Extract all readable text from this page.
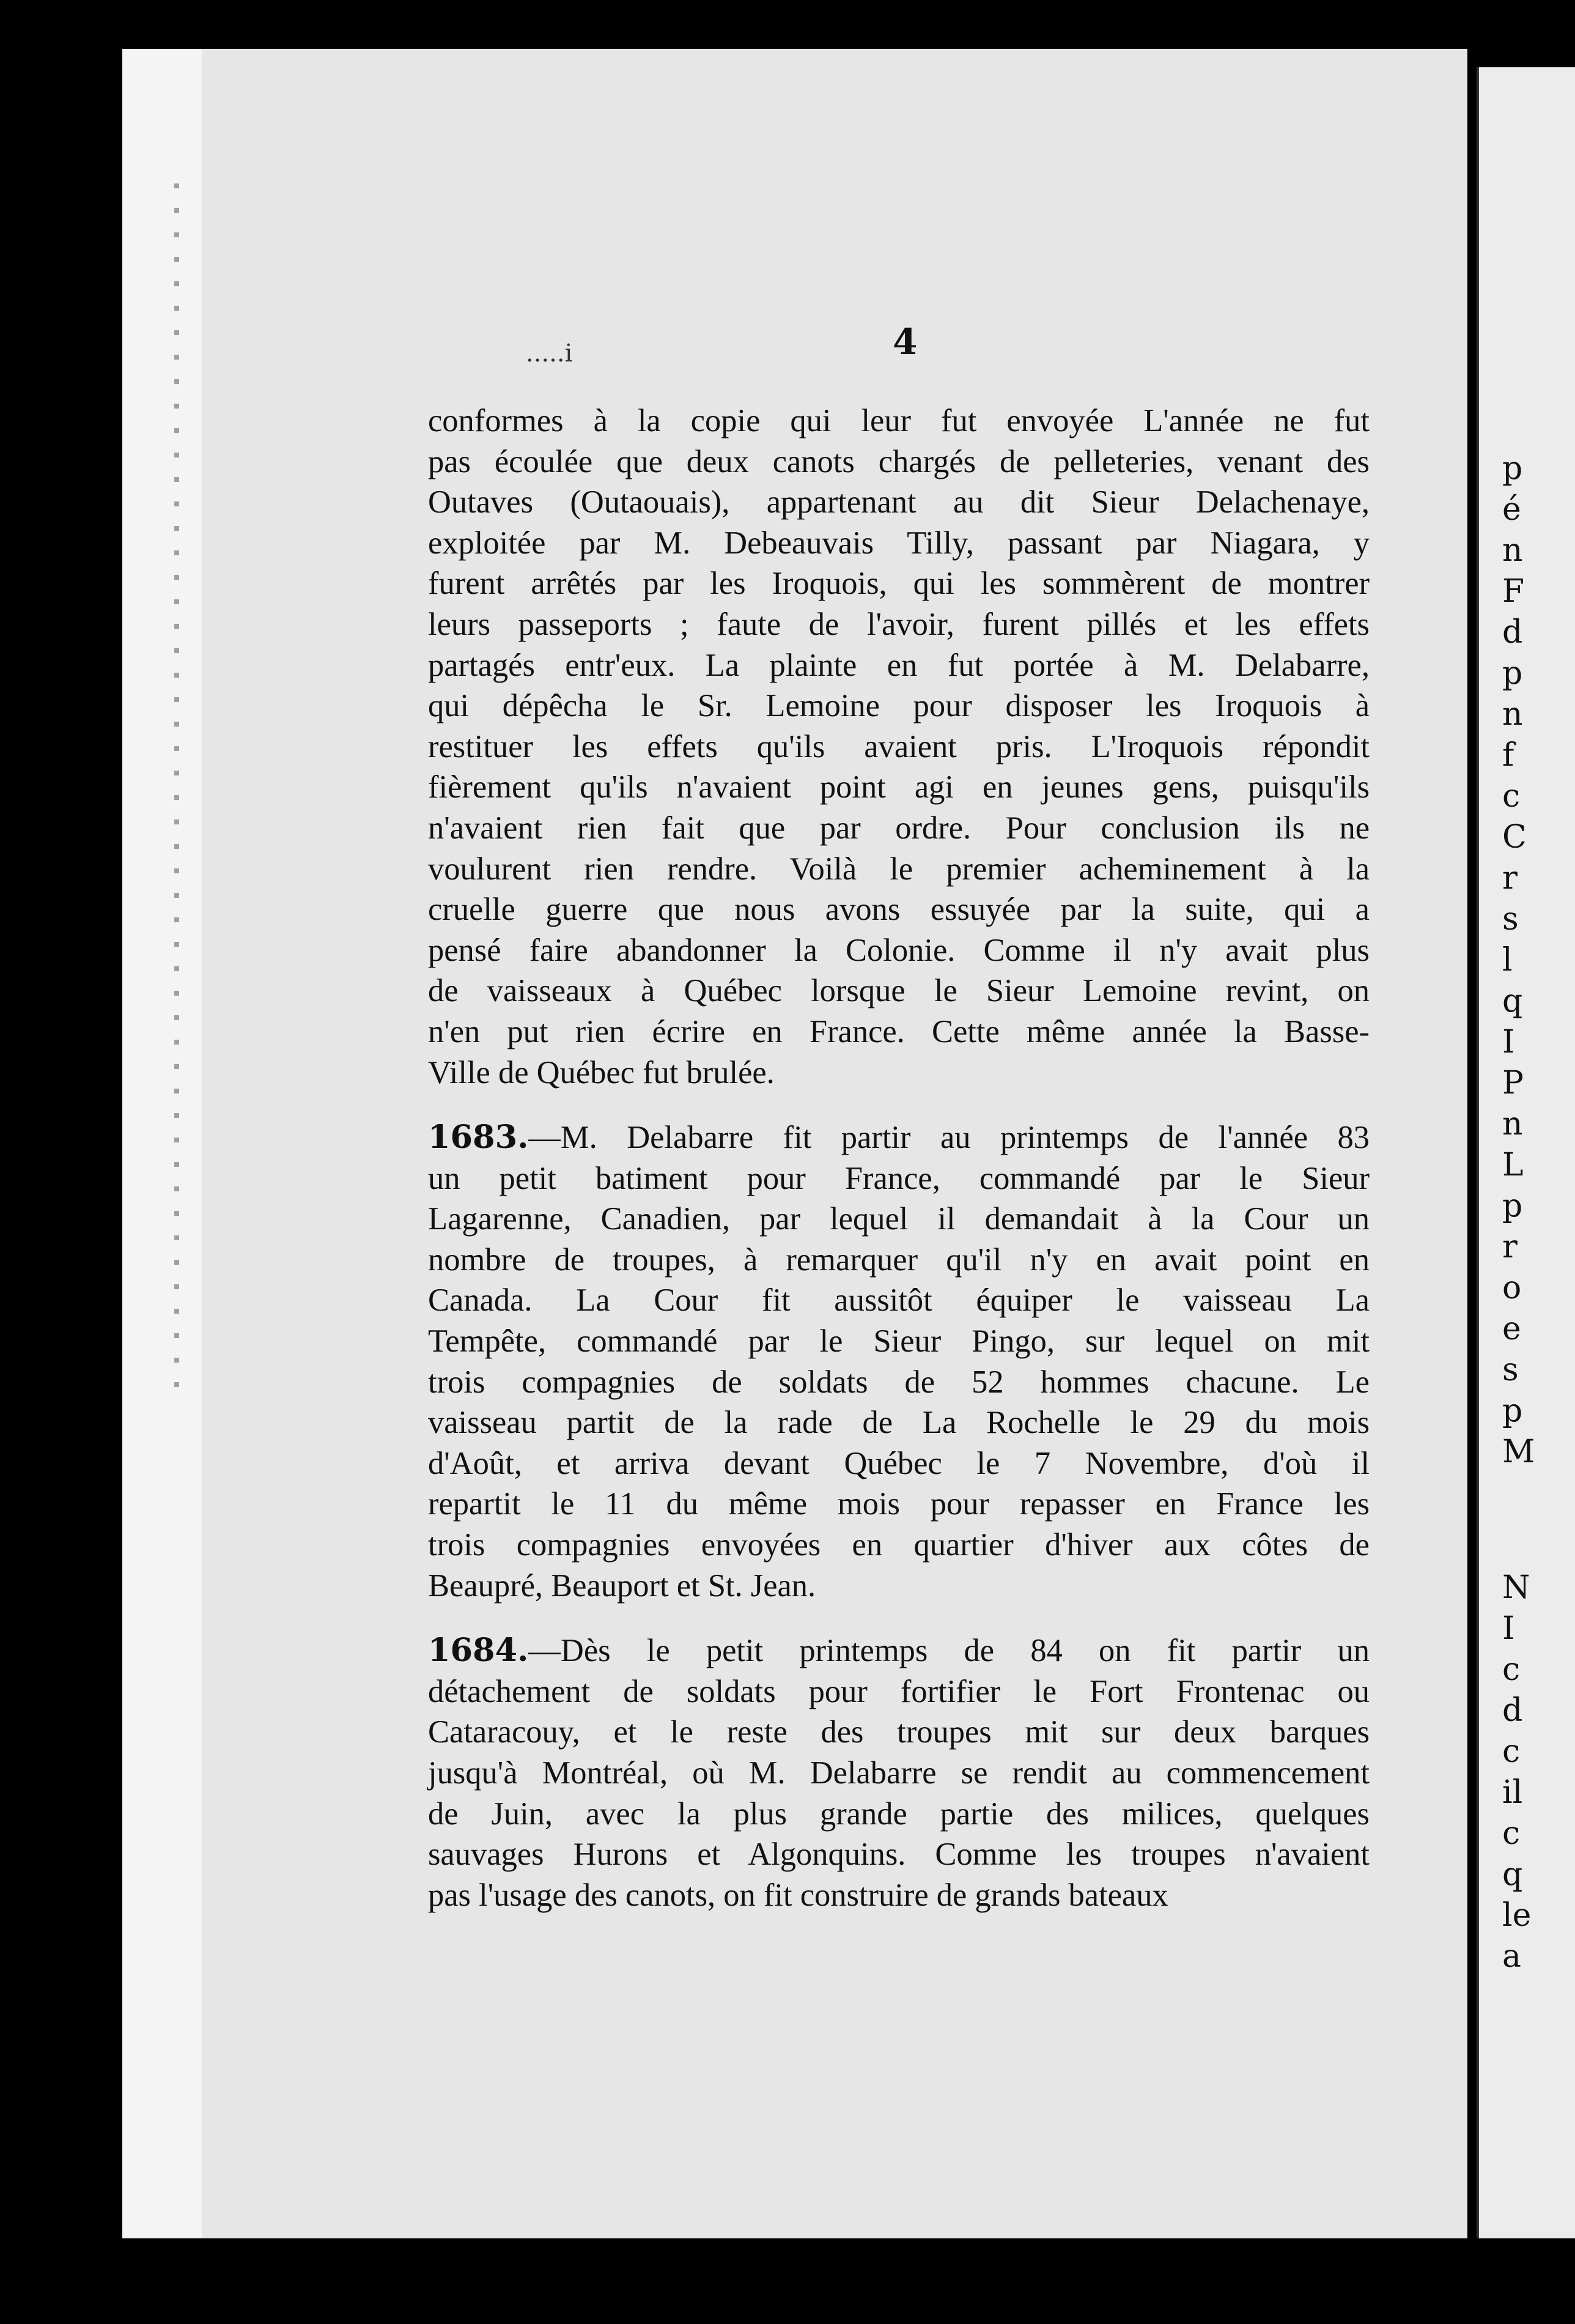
.....i	4
conformes à la copie qui leur fut envoyée L'année ne fut
pas écoulée que deux canots chargés de pelleteries, venant des
Outaves (Outaouais), appartenant au dit Sieur Delachenaye,
exploitée par M. Debeauvais Tilly, passant par Niagara, y
furent arrêtés par les Iroquois, qui les sommèrent de montrer
leurs passeports ; faute de l'avoir, furent pillés et les effets
partagés entr'eux. La plainte en fut portée à M. Delabarre,
qui dépêcha le Sr. Lemoine pour disposer les Iroquois à
restituer les effets qu'ils avaient pris. L'Iroquois répondit
fièrement qu'ils n'avaient point agi en jeunes gens, puisqu'ils
n'avaient rien fait que par ordre. Pour conclusion ils ne
voulurent rien rendre. Voilà le premier acheminement à la
cruelle guerre que nous avons essuyée par la suite, qui a
pensé faire abandonner la Colonie. Comme il n'y avait plus
de vaisseaux à Québec lorsque le Sieur Lemoine revint, on
n'en put rien écrire en France. Cette même année la Basse-
Ville de Québec fut brulée.
1683.—M. Delabarre fit partir au printemps de l'année 83
un petit batiment pour France, commandé par le Sieur
Lagarenne, Canadien, par lequel il demandait à la Cour un
nombre de troupes, à remarquer qu'il n'y en avait point en
Canada. La Cour fit aussitôt équiper le vaisseau La
Tempête, commandé par le Sieur Pingo, sur lequel on mit
trois compagnies de soldats de 52 hommes chacune. Le
vaisseau partit de la rade de La Rochelle le 29 du mois
d'Août, et arriva devant Québec le 7 Novembre, d'où il
repartit le 11 du même mois pour repasser en France les
trois compagnies envoyées en quartier d'hiver aux côtes de
Beaupré, Beauport et St. Jean.
1684.—Dès le petit printemps de 84 on fit partir un
détachement de soldats pour fortifier le Fort Frontenac ou
Cataracouy, et le reste des troupes mit sur deux barques
jusqu'à Montréal, où M. Delabarre se rendit au commencement
de Juin, avec la plus grande partie des milices, quelques
sauvages Hurons et Algonquins. Comme les troupes n'avaient
pas l'usage des canots, on fit construire de grands bateaux
p
é
n
F
d
p
n
f
c
C
r
s
l
q
I
P
n
L
p
r
o
e
s
p
M
N
I
c
d
c
il
c
q
le
a
